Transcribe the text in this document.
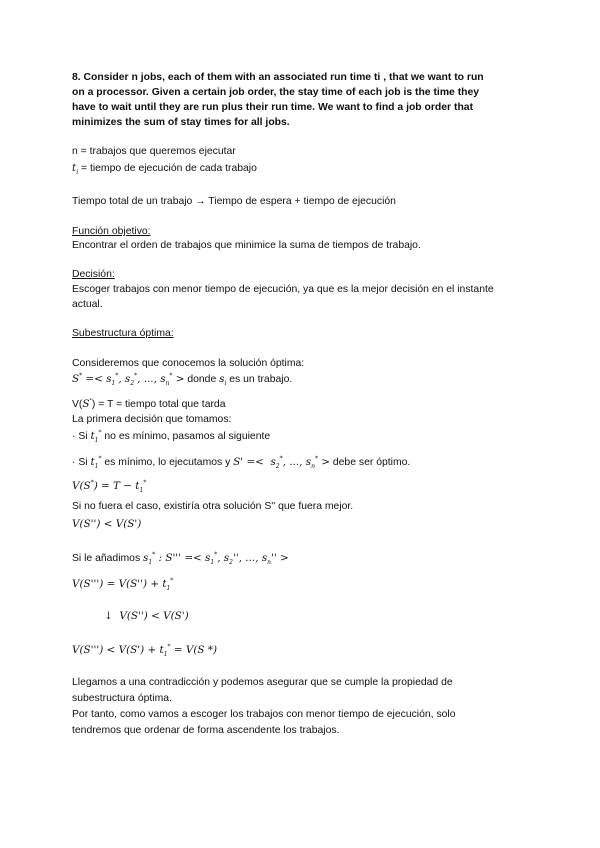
8. Consider n jobs, each of them with an associated run time ti , that we want to run
on a processor. Given a certain job order, the stay time of each job is the time they
have to wait until they are run plus their run time. We want to find a job order that
minimizes the sum of stay times for all jobs.
n = trabajos que queremos ejecutar
$t_i$ = tiempo de ejecución de cada trabajo
Tiempo total de un trabajo → Tiempo de espera + tiempo de ejecución
Función objetivo:
Encontrar el orden de trabajos que minimice la suma de tiempos de trabajo.
Decisión:
Escoger trabajos con menor tiempo de ejecución, ya que es la mejor decisión en el instante
actual.
Subestructura óptima:
Consideremos que conocemos la solución óptima:
$S^* =< s_1^*$, $s_2^*$, ..., $s_n^*$ > donde $s_i$ es un trabajo.
V(S*) = T = tiempo total que tarda
La primera decisión que tomamos:
· Si $t_1^*$ no es mínimo, pasamos al siguiente
· Si $t_1^*$ es mínimo, lo ejecutamos y $S' =< s_2^*$, ..., $s_n^*$ > debe ser óptimo.
$V(S^*) = T - t_1^*$
Si no fuera el caso, existiría otra solución S'' que fuera mejor.
V(S'') < V(S')
Si le añadimos $s_1^*$ : $S''' =< s_1^*$, $s_2''$, ..., $s_n''$ >
$V(S''') = V(S'') + t_1^*$
↓  V(S'') < V(S')
$V(S''') < V(S') + t_1^* = V(S$ *)
Llegamos a una contradicción y podemos asegurar que se cumple la propiedad de
subestructura óptima.
Por tanto, como vamos a escoger los trabajos con menor tiempo de ejecución, solo
tendremos que ordenar de forma ascendente los trabajos.
